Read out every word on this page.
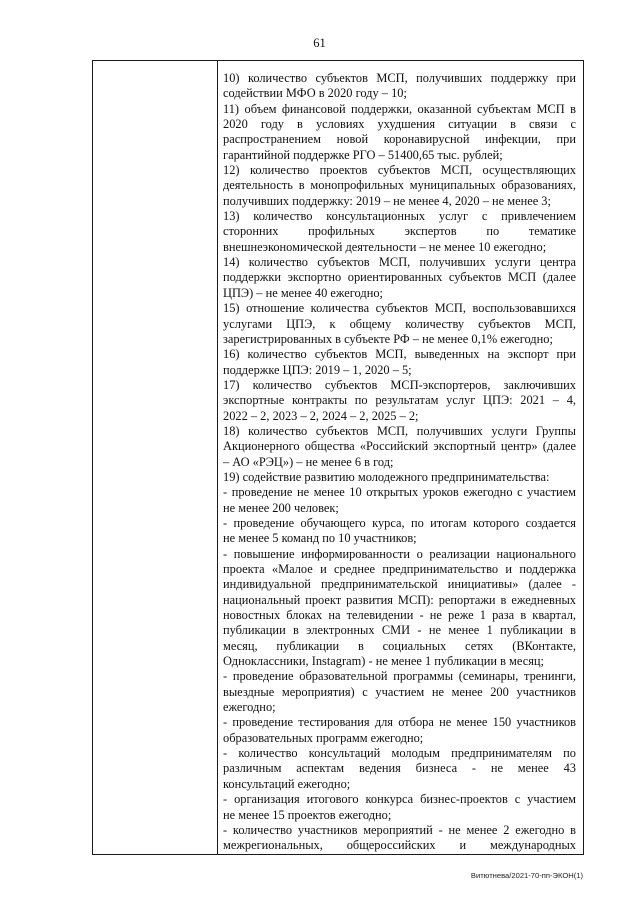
61

10) количество субъектов МСП, получивших поддержку при
содействии МФО в 2020 году – 10;
11) объем финансовой поддержки, оказанной субъектам МСП в
2020 году в условиях ухудшения ситуации в связи с
распространением новой коронавирусной инфекции, при
гарантийной поддержке РГО – 51400,65 тыс. рублей;
12) количество проектов субъектов МСП, осуществляющих
деятельность в монопрофильных муниципальных образованиях,
получивших поддержку: 2019 – не менее 4, 2020 – не менее 3;
13) количество консультационных услуг с привлечением
сторонних профильных экспертов по тематике
внешнеэкономической деятельности – не менее 10 ежегодно;
14) количество субъектов МСП, получивших услуги центра
поддержки экспортно ориентированных субъектов МСП (далее
ЦПЭ) – не менее 40 ежегодно;
15) отношение количества субъектов МСП, воспользовавшихся
услугами ЦПЭ, к общему количеству субъектов МСП,
зарегистрированных в субъекте РФ – не менее 0,1% ежегодно;
16) количество субъектов МСП, выведенных на экспорт при
поддержке ЦПЭ: 2019 – 1, 2020 – 5;
17) количество субъектов МСП-экспортеров, заключивших
экспортные контракты по результатам услуг ЦПЭ: 2021 – 4,
2022 – 2, 2023 – 2, 2024 – 2, 2025 – 2;
18) количество субъектов МСП, получивших услуги Группы
Акционерного общества «Российский экспортный центр» (далее
– АО «РЭЦ») – не менее 6 в год;
19) содействие развитию молодежного предпринимательства:
- проведение не менее 10 открытых уроков ежегодно с участием
не менее 200 человек;
- проведение обучающего курса, по итогам которого создается
не менее 5 команд по 10 участников;
- повышение информированности о реализации национального
проекта «Малое и среднее предпринимательство и поддержка
индивидуальной предпринимательской инициативы» (далее -
национальный проект развития МСП): репортажи в ежедневных
новостных блоках на телевидении - не реже 1 раза в квартал,
публикации в электронных СМИ - не менее 1 публикации в
месяц, публикации в социальных сетях (ВКонтакте,
Одноклассники, Instagram) - не менее 1 публикации в месяц;
- проведение образовательной программы (семинары, тренинги,
выездные мероприятия) с участием не менее 200 участников
ежегодно;
- проведение тестирования для отбора не менее 150 участников
образовательных программ ежегодно;
- количество консультаций молодым предпринимателям по
различным аспектам ведения бизнеса - не менее 43
консультаций ежегодно;
- организация итогового конкурса бизнес-проектов с участием
не менее 15 проектов ежегодно;
- количество участников мероприятий - не менее 2 ежегодно в
межрегиональных, общероссийских и международных
Витютнева/2021-70-пп-ЭКОН(1)
